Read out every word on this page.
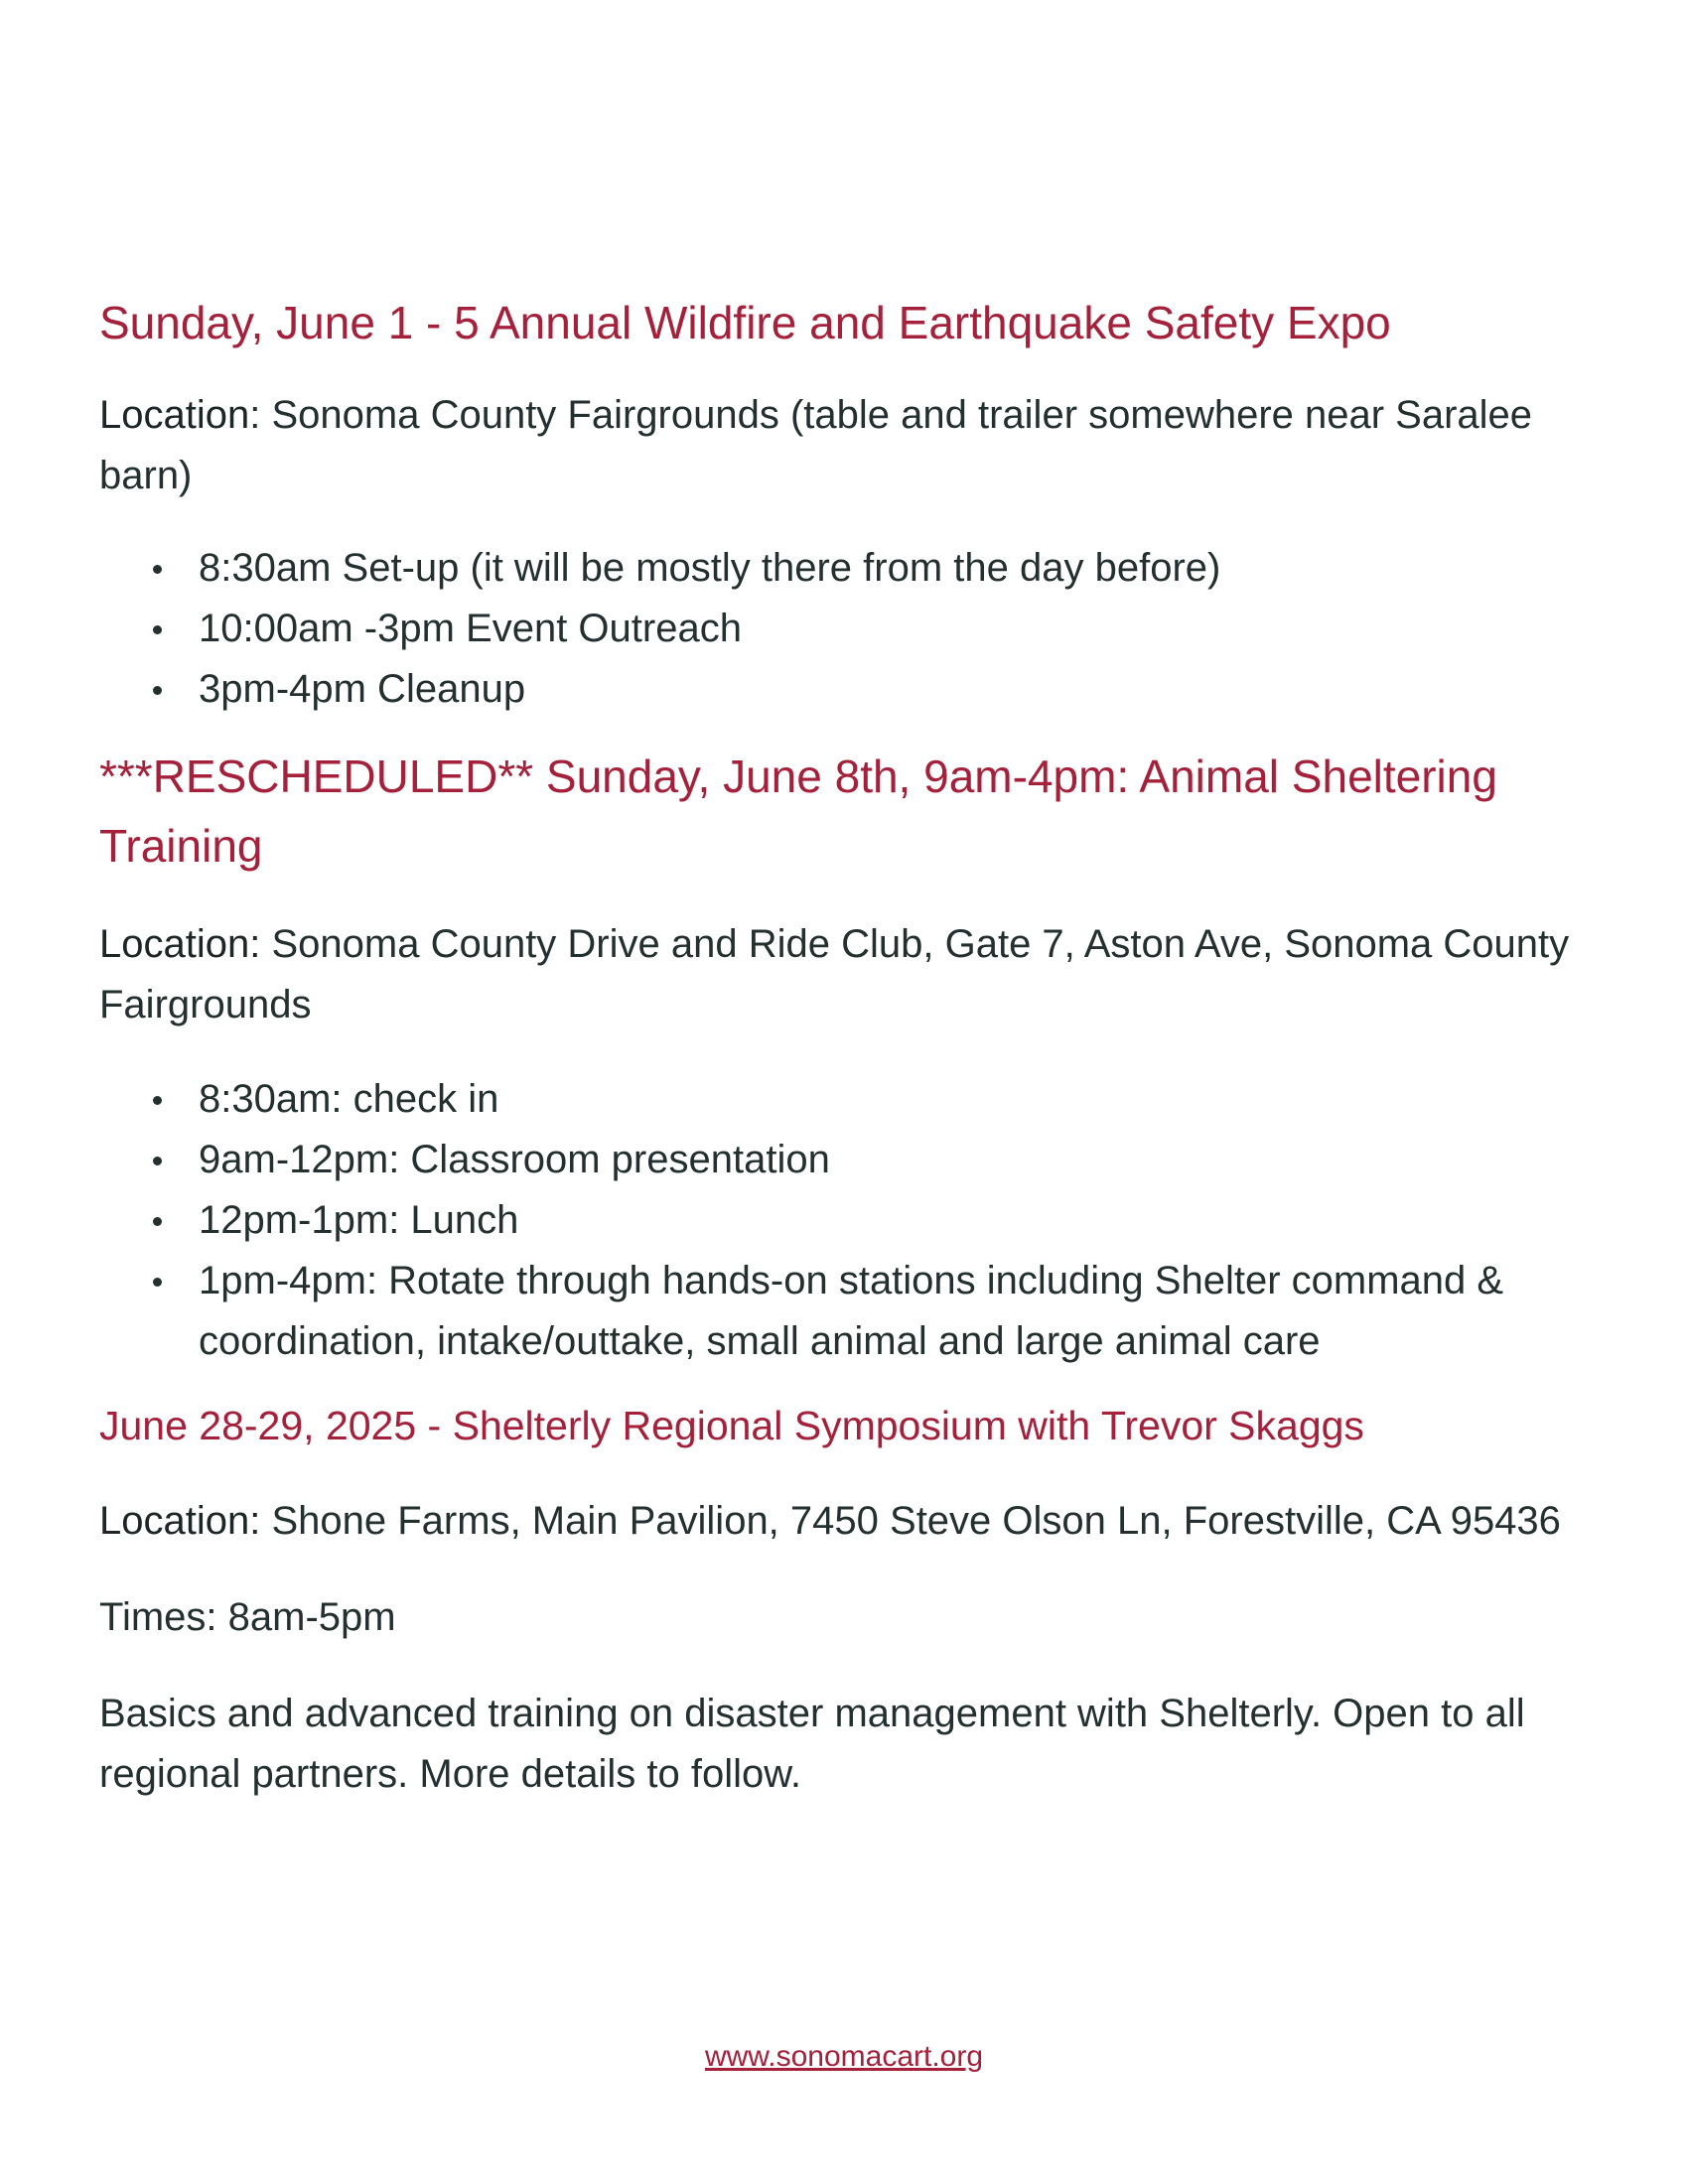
Sunday, June 1 - 5 Annual Wildfire and Earthquake Safety Expo

Location: Sonoma County Fairgrounds (table and trailer somewhere near Saralee barn)

8:30am Set-up (it will be mostly there from the day before)
10:00am -3pm Event Outreach
3pm-4pm Cleanup
***RESCHEDULED** Sunday, June 8th, 9am-4pm: Animal Sheltering Training

Location: Sonoma County Drive and Ride Club, Gate 7, Aston Ave, Sonoma County Fairgrounds

8:30am: check in
9am-12pm: Classroom presentation
12pm-1pm: Lunch
1pm-4pm: Rotate through hands-on stations including Shelter command & coordination, intake/outtake, small animal and large animal care
June 28-29, 2025 - Shelterly Regional Symposium with Trevor Skaggs

Location: Shone Farms, Main Pavilion, 7450 Steve Olson Ln, Forestville, CA 95436

Times: 8am-5pm

Basics and advanced training on disaster management with Shelterly. Open to all regional partners. More details to follow.

www.sonomacart.org
